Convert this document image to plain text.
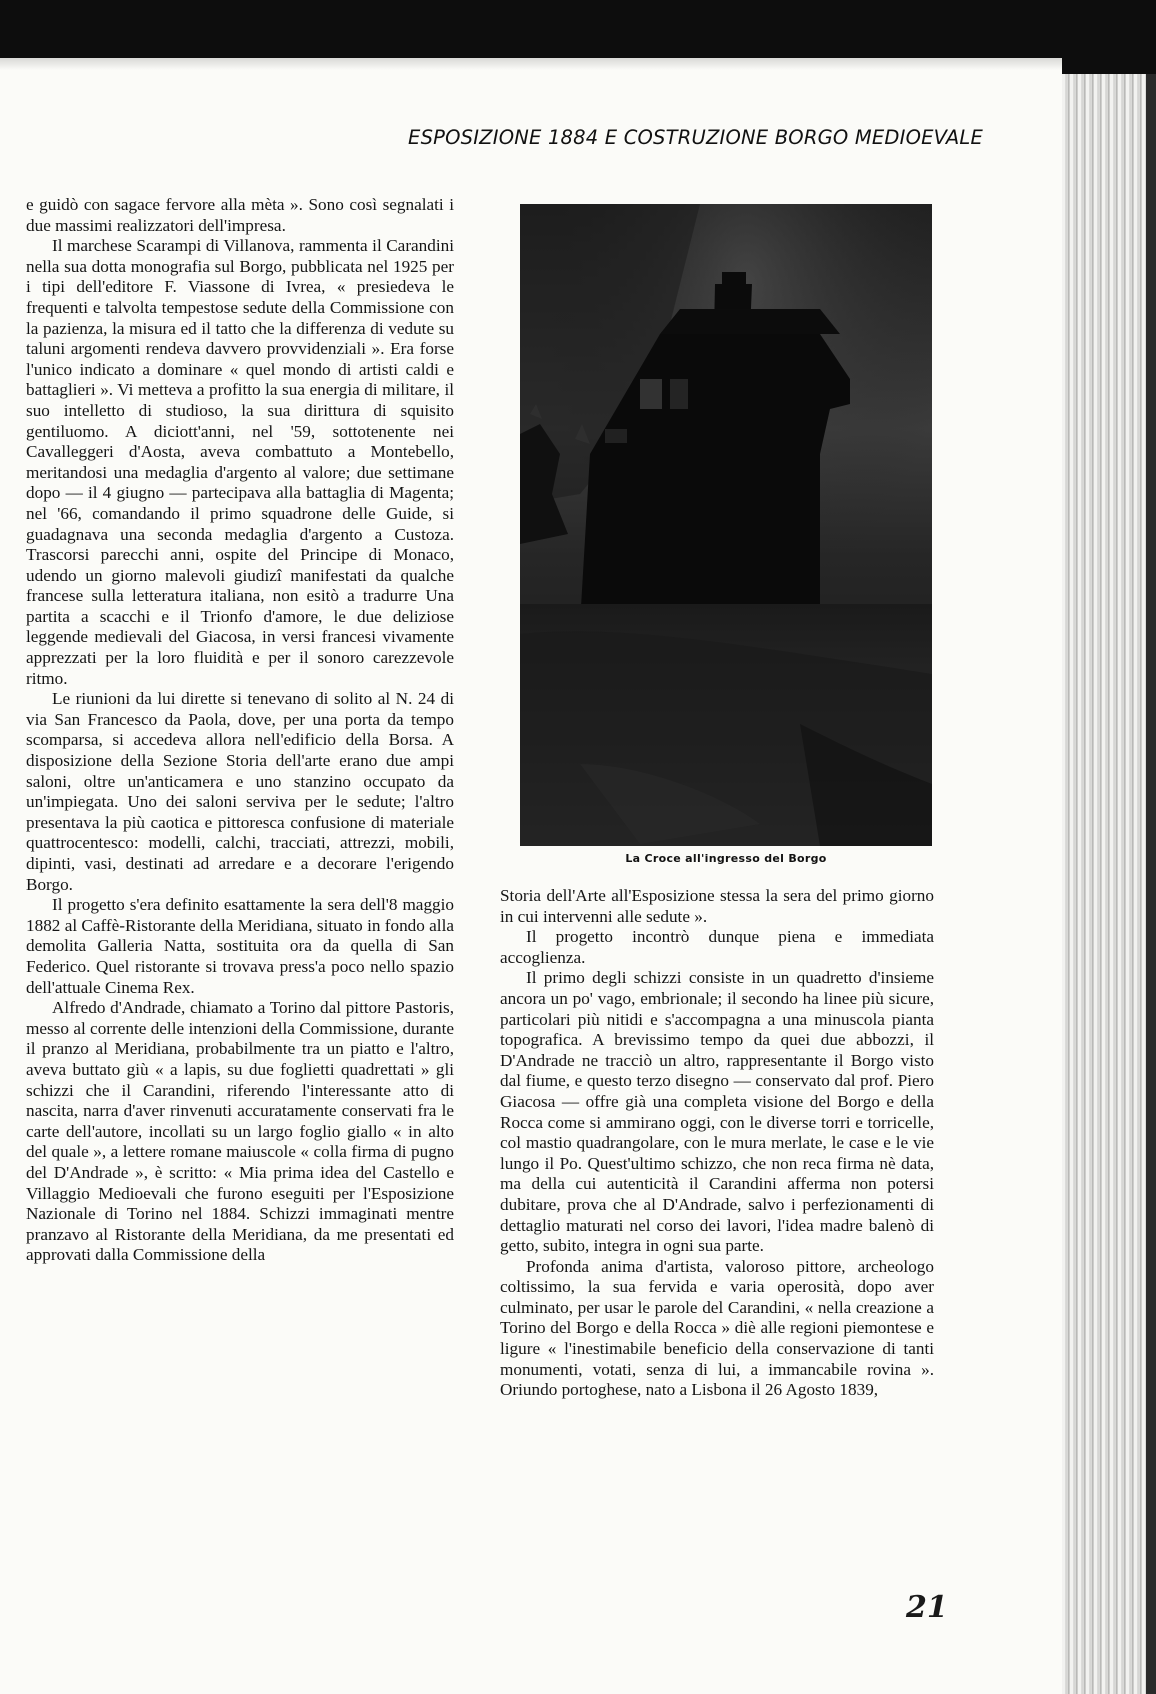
ESPOSIZIONE 1884 E COSTRUZIONE BORGO MEDIOEVALE

e guidò con sagace fervore alla mèta ». Sono così segnalati i due massimi realizzatori dell'impresa.

Il marchese Scarampi di Villanova, rammenta il Carandini nella sua dotta monografia sul Borgo, pubblicata nel 1925 per i tipi dell'editore F. Viassone di Ivrea, « presiedeva le frequenti e talvolta tempestose sedute della Commissione con la pazienza, la misura ed il tatto che la differenza di vedute su taluni argomenti rendeva davvero provvidenziali ». Era forse l'unico indicato a dominare « quel mondo di artisti caldi e battaglieri ». Vi metteva a profitto la sua energia di militare, il suo intelletto di studioso, la sua dirittura di squisito gentiluomo. A diciott'anni, nel '59, sottotenente nei Cavalleggeri d'Aosta, aveva combattuto a Montebello, meritandosi una medaglia d'argento al valore; due settimane dopo — il 4 giugno — partecipava alla battaglia di Magenta; nel '66, comandando il primo squadrone delle Guide, si guadagnava una seconda medaglia d'argento a Custoza. Trascorsi parecchi anni, ospite del Principe di Monaco, udendo un giorno malevoli giudizî manifestati da qualche francese sulla letteratura italiana, non esitò a tradurre Una partita a scacchi e il Trionfo d'amore, le due deliziose leggende medievali del Giacosa, in versi francesi vivamente apprezzati per la loro fluidità e per il sonoro carezzevole ritmo.

Le riunioni da lui dirette si tenevano di solito al N. 24 di via San Francesco da Paola, dove, per una porta da tempo scomparsa, si accedeva allora nell'edificio della Borsa. A disposizione della Sezione Storia dell'arte erano due ampi saloni, oltre un'anticamera e uno stanzino occupato da un'impiegata. Uno dei saloni serviva per le sedute; l'altro presentava la più caotica e pittoresca confusione di materiale quattrocentesco: modelli, calchi, tracciati, attrezzi, mobili, dipinti, vasi, destinati ad arredare e a decorare l'erigendo Borgo.

Il progetto s'era definito esattamente la sera dell'8 maggio 1882 al Caffè-Ristorante della Meridiana, situato in fondo alla demolita Galleria Natta, sostituita ora da quella di San Federico. Quel ristorante si trovava press'a poco nello spazio dell'attuale Cinema Rex.

Alfredo d'Andrade, chiamato a Torino dal pittore Pastoris, messo al corrente delle intenzioni della Commissione, durante il pranzo al Meridiana, probabilmente tra un piatto e l'altro, aveva buttato giù « a lapis, su due foglietti quadrettati » gli schizzi che il Carandini, riferendo l'interessante atto di nascita, narra d'aver rinvenuti accuratamente conservati fra le carte dell'autore, incollati su un largo foglio giallo « in alto del quale », a lettere romane maiuscole « colla firma di pugno del D'Andrade », è scritto: « Mia prima idea del Castello e Villaggio Medioevali che furono eseguiti per l'Esposizione Nazionale di Torino nel 1884. Schizzi immaginati mentre pranzavo al Ristorante della Meridiana, da me presentati ed approvati dalla Commissione della

La Croce all'ingresso del Borgo

Storia dell'Arte all'Esposizione stessa la sera del primo giorno in cui intervenni alle sedute ».

Il progetto incontrò dunque piena e immediata accoglienza.

Il primo degli schizzi consiste in un quadretto d'insieme ancora un po' vago, embrionale; il secondo ha linee più sicure, particolari più nitidi e s'accompagna a una minuscola pianta topografica. A brevissimo tempo da quei due abbozzi, il D'Andrade ne tracciò un altro, rappresentante il Borgo visto dal fiume, e questo terzo disegno — conservato dal prof. Piero Giacosa — offre già una completa visione del Borgo e della Rocca come si ammirano oggi, con le diverse torri e torricelle, col mastio quadrangolare, con le mura merlate, le case e le vie lungo il Po. Quest'ultimo schizzo, che non reca firma nè data, ma della cui autenticità il Carandini afferma non potersi dubitare, prova che al D'Andrade, salvo i perfezionamenti di dettaglio maturati nel corso dei lavori, l'idea madre balenò di getto, subito, integra in ogni sua parte.

Profonda anima d'artista, valoroso pittore, archeologo coltissimo, la sua fervida e varia operosità, dopo aver culminato, per usar le parole del Carandini, « nella creazione a Torino del Borgo e della Rocca » diè alle regioni piemontese e ligure « l'inestimabile beneficio della conservazione di tanti monumenti, votati, senza di lui, a immancabile rovina ». Oriundo portoghese, nato a Lisbona il 26 Agosto 1839,

21
